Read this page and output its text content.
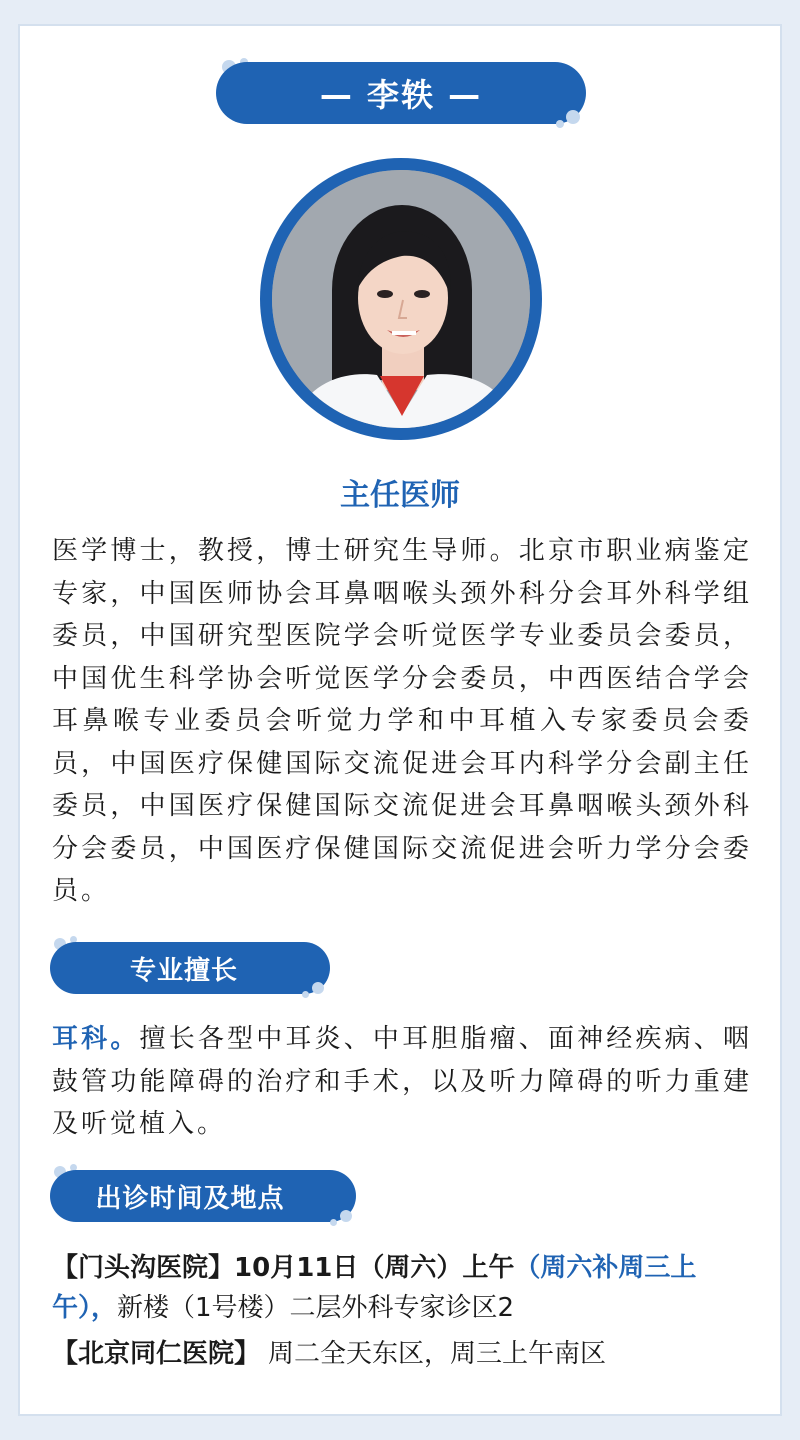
— 李轶 —
主任医师

医学博士，教授，博士研究生导师。北京市职业病鉴定专家，中国医师协会耳鼻咽喉头颈外科分会耳外科学组委员，中国研究型医院学会听觉医学专业委员会委员，中国优生科学协会听觉医学分会委员，中西医结合学会耳鼻喉专业委员会听觉力学和中耳植入专家委员会委员，中国医疗保健国际交流促进会耳内科学分会副主任委员，中国医疗保健国际交流促进会耳鼻咽喉头颈外科分会委员，中国医疗保健国际交流促进会听力学分会委员。

专业擅长

耳科。擅长各型中耳炎、中耳胆脂瘤、面神经疾病、咽鼓管功能障碍的治疗和手术，以及听力障碍的听力重建及听觉植入。

出诊时间及地点

【门头沟医院】10月11日（周六）上午（周六补周三上午），新楼（1号楼）二层外科专家诊区2

【北京同仁医院】 周二全天东区，周三上午南区
